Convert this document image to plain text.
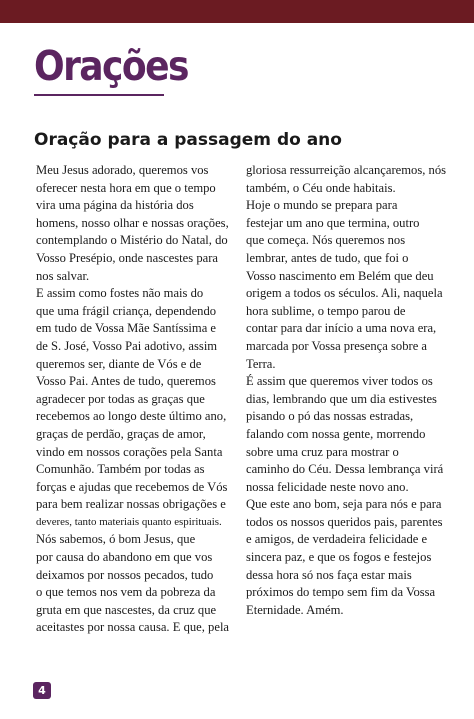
Orações
Oração para a passagem do ano
Meu Jesus adorado, queremos vos
oferecer nesta hora em que o tempo
vira uma página da história dos
homens, nosso olhar e nossas orações,
contemplando o Mistério do Natal, do
Vosso Presépio, onde nascestes para
nos salvar.
E assim como fostes não mais do
que uma frágil criança, dependendo
em tudo de Vossa Mãe Santíssima e
de S. José, Vosso Pai adotivo, assim
queremos ser, diante de Vós e de
Vosso Pai. Antes de tudo, queremos
agradecer por todas as graças que
recebemos ao longo deste último ano,
graças de perdão, graças de amor,
vindo em nossos corações pela Santa
Comunhão. Também por todas as
forças e ajudas que recebemos de Vós
para bem realizar nossas obrigações e
deveres, tanto materiais quanto espirituais.
Nós sabemos, ó bom Jesus, que
por causa do abandono em que vos
deixamos por nossos pecados, tudo
o que temos nos vem da pobreza da
gruta em que nascestes, da cruz que
aceitastes por nossa causa. E que, pela
gloriosa ressurreição alcançaremos, nós
também, o Céu onde habitais.
Hoje o mundo se prepara para
festejar um ano que termina, outro
que começa. Nós queremos nos
lembrar, antes de tudo, que foi o
Vosso nascimento em Belém que deu
origem a todos os séculos. Ali, naquela
hora sublime, o tempo parou de
contar para dar início a uma nova era,
marcada por Vossa presença sobre a
Terra.
É assim que queremos viver todos os
dias, lembrando que um dia estivestes
pisando o pó das nossas estradas,
falando com nossa gente, morrendo
sobre uma cruz para mostrar o
caminho do Céu. Dessa lembrança virá
nossa felicidade neste novo ano.
Que este ano bom, seja para nós e para
todos os nossos queridos pais, parentes
e amigos, de verdadeira felicidade e
sincera paz, e que os fogos e festejos
dessa hora só nos faça estar mais
próximos do tempo sem fim da Vossa
Eternidade. Amém.
4
